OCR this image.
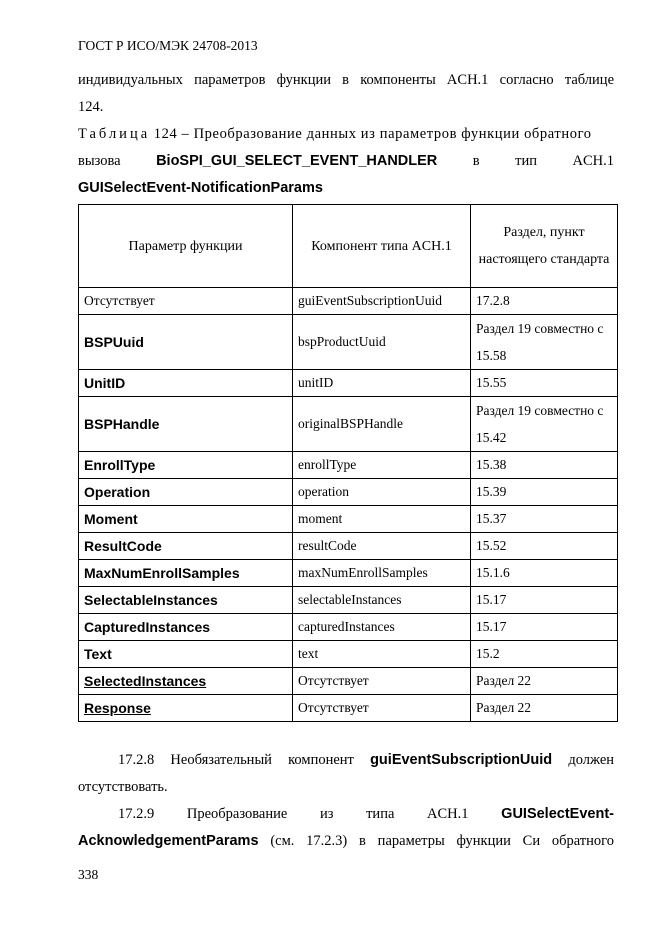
ГОСТ Р ИСО/МЭК 24708-2013
индивидуальных параметров функции в компоненты ACH.1 согласно таблице
124.
Таблица 124 – Преобразование данных из параметров функции обратного
вызова BioSPI_GUI_SELECT_EVENT_HANDLER в тип ACH.1
GUISelectEvent-NotificationParams
Параметр функции	Компонент типа ACH.1	Раздел, пункт настоящего стандарта
Отсутствует	guiEventSubscriptionUuid	17.2.8
BSPUuid	bspProductUuid	Раздел 19 совместно с 15.58
UnitID	unitID	15.55
BSPHandle	originalBSPHandle	Раздел 19 совместно с 15.42
EnrollType	enrollType	15.38
Operation	operation	15.39
Moment	moment	15.37
ResultCode	resultCode	15.52
MaxNumEnrollSamples	maxNumEnrollSamples	15.1.6
SelectableInstances	selectableInstances	15.17
CapturedInstances	capturedInstances	15.17
Text	text	15.2
SelectedInstances	Отсутствует	Раздел 22
Response	Отсутствует	Раздел 22
17.2.8 Необязательный компонент guiEventSubscriptionUuid должен
отсутствовать.
17.2.9 Преобразование из типа ACH.1 GUISelectEvent-
AcknowledgementParams (см. 17.2.3) в параметры функции Си обратного
338
